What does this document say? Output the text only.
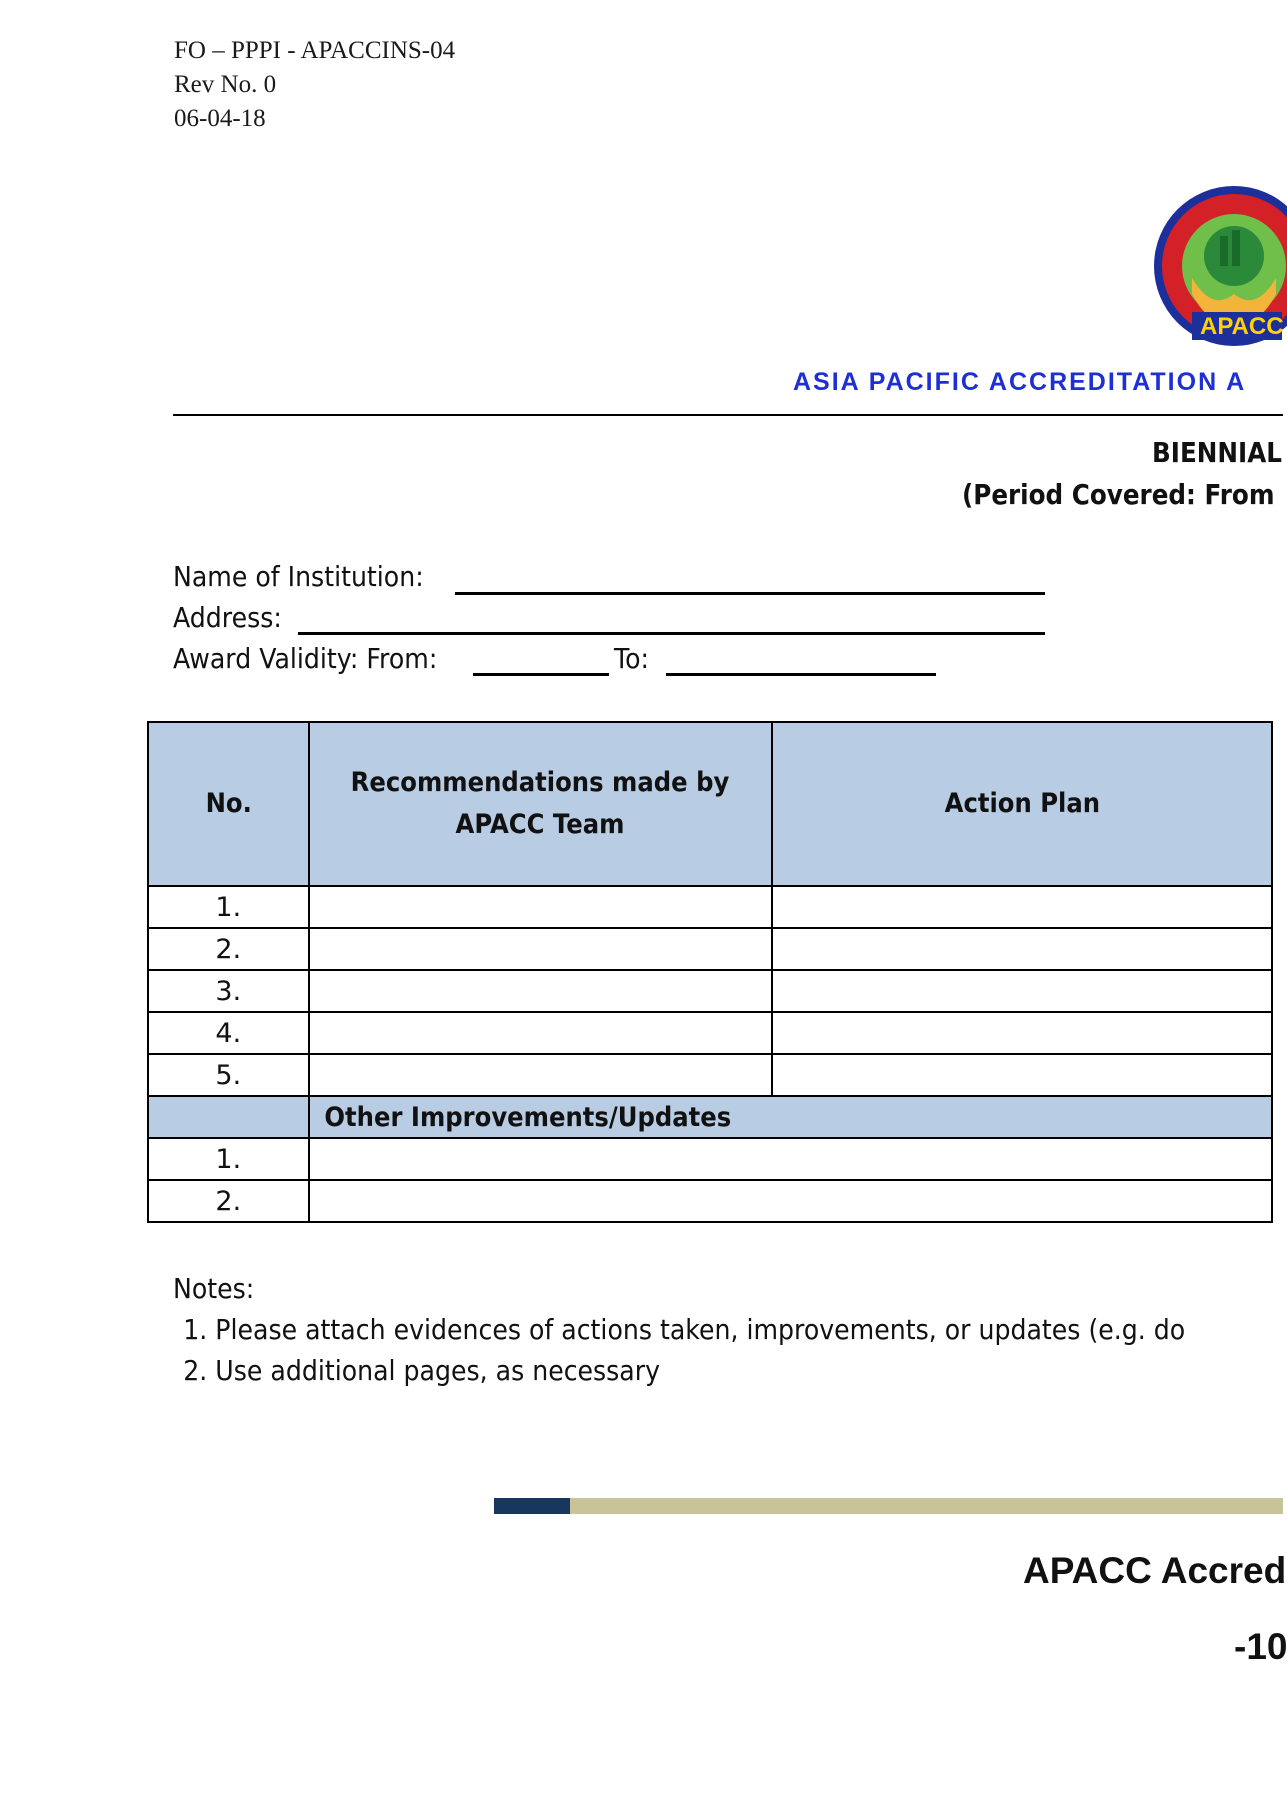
FO – PPPI - APACCINS-04
Rev No. 0
06-04-18
APACC
ASIA PACIFIC ACCREDITATION A
BIENNIAL
(Period Covered: From
Name of Institution:
Address:
Award Validity: From:	To:
No.	Recommendations made by APACC Team	Action Plan
1.		
2.		
3.		
4.		
5.		
	Other Improvements/Updates	
1.		
2.		
Notes:
1. Please attach evidences of actions taken, improvements, or updates (e.g. do
2. Use additional pages, as necessary
APACC Accred
-10
